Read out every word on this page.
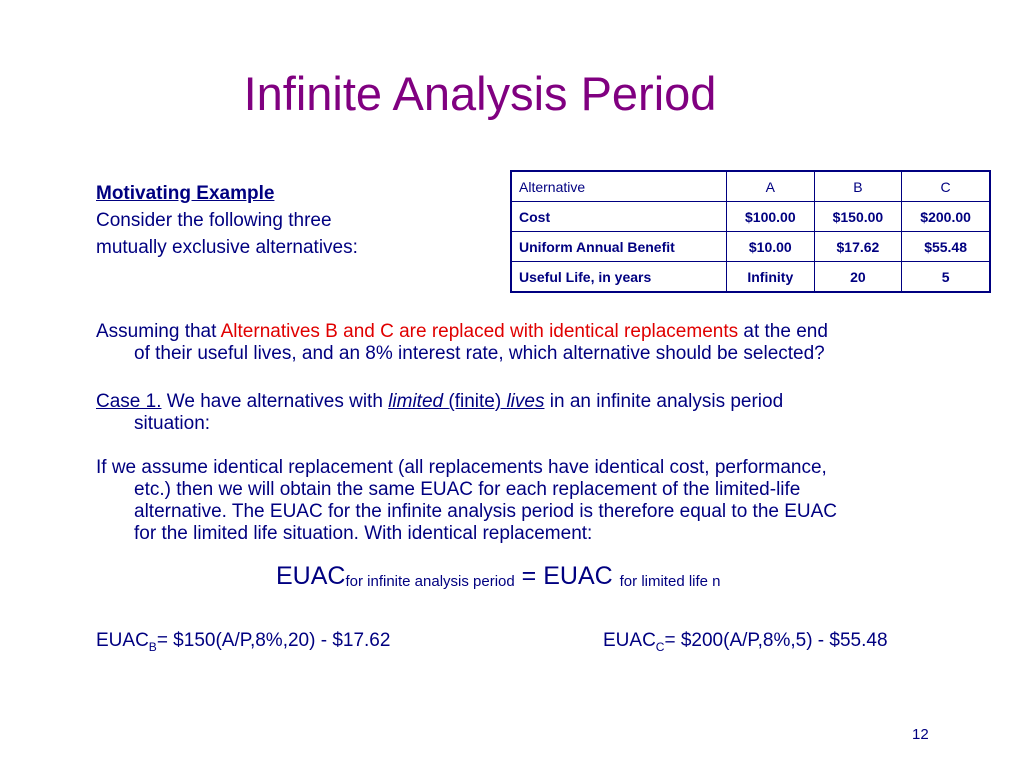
Infinite Analysis Period
Motivating Example
Consider the following three
mutually exclusive alternatives:
Alternative	A	B	C
Cost	$100.00	$150.00	$200.00
Uniform Annual Benefit	$10.00	$17.62	$55.48
Useful Life, in years	Infinity	20	5
Assuming that Alternatives B and C are replaced with identical replacements at the end
of their useful lives, and an 8% interest rate, which alternative should be selected?
Case 1. We have alternatives with limited (finite) lives in an infinite analysis period
situation:
If we assume identical replacement (all replacements have identical cost, performance,
etc.) then we will obtain the same EUAC for each replacement of the limited-life
alternative. The EUAC for the infinite analysis period is therefore equal to the EUAC
for the limited life situation. With identical replacement:
$EUAC_{for infinite analysis period}$ = EUAC $_{for limited life n}$
$EUAC_B=$ $150(A/P,8%,20) - $17.62	$EUAC_C=$ $200(A/P,8%,5) - $55.48
12
